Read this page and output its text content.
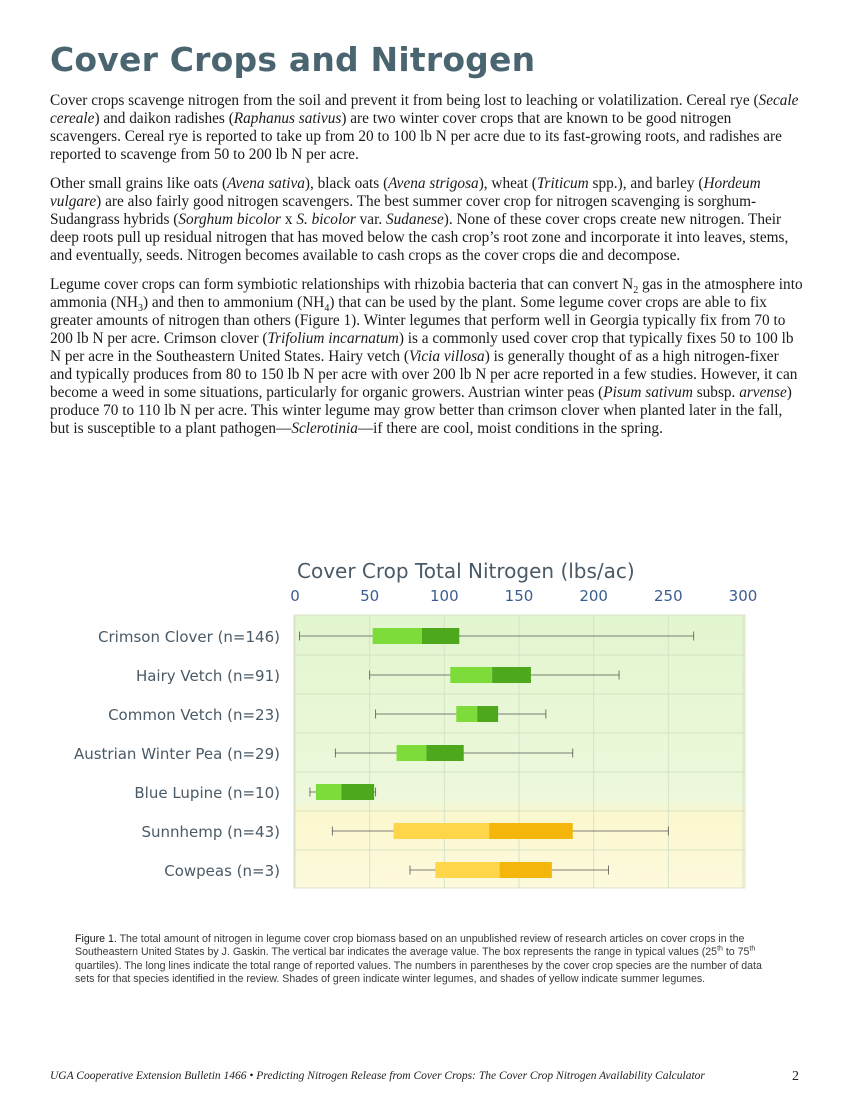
Cover Crops and Nitrogen

Cover crops scavenge nitrogen from the soil and prevent it from being lost to leaching or volatilization. Cereal rye (Secale cereale) and daikon radishes (Raphanus sativus) are two winter cover crops that are known to be good nitrogen scavengers. Cereal rye is reported to take up from 20 to 100 lb N per acre due to its fast-growing roots, and radishes are reported to scavenge from 50 to 200 lb N per acre.

Other small grains like oats (Avena sativa), black oats (Avena strigosa), wheat (Triticum spp.), and barley (Hordeum vulgare) are also fairly good nitrogen scavengers. The best summer cover crop for nitrogen scavenging is sorghum-Sudangrass hybrids (Sorghum bicolor x S. bicolor var. Sudanese). None of these cover crops create new nitrogen. Their deep roots pull up residual nitrogen that has moved below the cash crop’s root zone and incorporate it into leaves, stems, and eventually, seeds. Nitrogen becomes available to cash crops as the cover crops die and decompose.

Legume cover crops can form symbiotic relationships with rhizobia bacteria that can convert $N_2$ gas in the atmosphere into ammonia $(NH_3)$ and then to ammonium $(NH_4)$ that can be used by the plant. Some legume cover crops are able to fix greater amounts of nitrogen than others (Figure 1). Winter legumes that perform well in Georgia typically fix from 70 to 200 lb N per acre. Crimson clover (Trifolium incarnatum) is a commonly used cover crop that typically fixes 50 to 100 lb N per acre in the Southeastern United States. Hairy vetch (Vicia villosa) is generally thought of as a high nitrogen-fixer and typically produces from 80 to 150 lb N per acre with over 200 lb N per acre reported in a few studies. However, it can become a weed in some situations, particularly for organic growers. Austrian winter peas (Pisum sativum subsp. arvense) produce 70 to 110 lb N per acre. This winter legume may grow better than crimson clover when planted later in the fall, but is susceptible to a plant pathogen—Sclerotinia—if there are cool, moist conditions in the spring.

Cover Crop Total Nitrogen (lbs/ac)
0	50	100	150	200	250	300
Crimson Clover (n=146)
Hairy Vetch (n=91)
Common Vetch (n=23)
Austrian Winter Pea (n=29)
Blue Lupine (n=10)
Sunnhemp (n=43)
Cowpeas (n=3)
Figure 1. The total amount of nitrogen in legume cover crop biomass based on an unpublished review of research articles on cover crops in the Southeastern United States by J. Gaskin. The vertical bar indicates the average value. The box represents the range in typical values (25th to 75th quartiles). The long lines indicate the total range of reported values. The numbers in parentheses by the cover crop species are the number of data sets for that species identified in the review. Shades of green indicate winter legumes, and shades of yellow indicate summer legumes.
UGA Cooperative Extension Bulletin 1466 • Predicting Nitrogen Release from Cover Crops: The Cover Crop Nitrogen Availability Calculator	2
